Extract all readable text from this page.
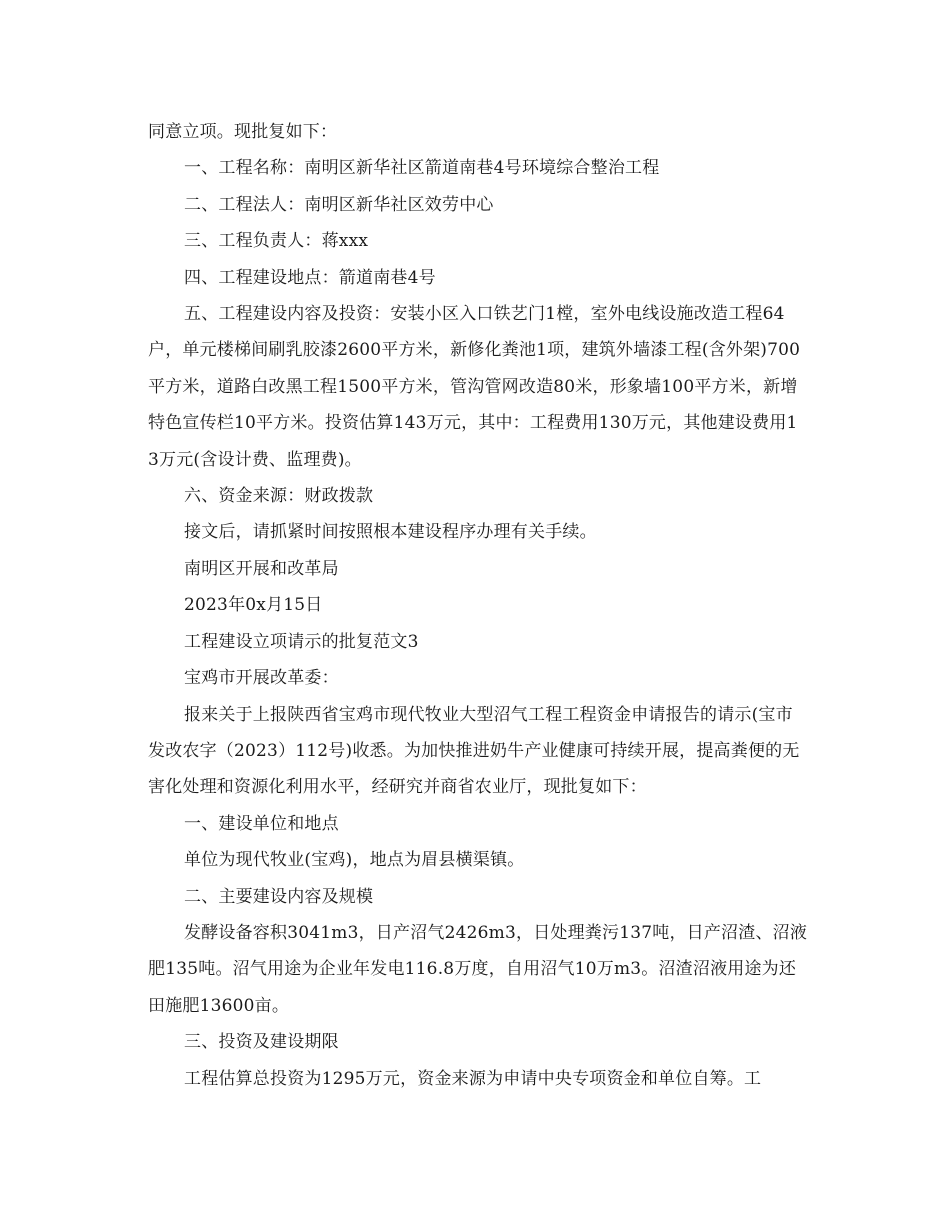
同意立项。现批复如下：

一、工程名称：南明区新华社区箭道南巷4号环境综合整治工程

二、工程法人：南明区新华社区效劳中心

三、工程负责人：蒋xxx

四、工程建设地点：箭道南巷4号

五、工程建设内容及投资：安装小区入口铁艺门1樘，室外电线设施改造工程64户，单元楼梯间刷乳胶漆2600平方米，新修化粪池1项，建筑外墙漆工程(含外架)700平方米，道路白改黑工程1500平方米，管沟管网改造80米，形象墙100平方米，新增特色宣传栏10平方米。投资估算143万元，其中：工程费用130万元，其他建设费用13万元(含设计费、监理费)。

六、资金来源：财政拨款

接文后，请抓紧时间按照根本建设程序办理有关手续。

南明区开展和改革局

2023年0x月15日

工程建设立项请示的批复范文3

宝鸡市开展改革委：

报来关于上报陕西省宝鸡市现代牧业大型沼气工程工程资金申请报告的请示(宝市发改农字（2023）112号)收悉。为加快推进奶牛产业健康可持续开展，提高粪便的无害化处理和资源化利用水平，经研究并商省农业厅，现批复如下：

一、建设单位和地点

单位为现代牧业(宝鸡)，地点为眉县横渠镇。

二、主要建设内容及规模

发酵设备容积3041m3，日产沼气2426m3，日处理粪污137吨，日产沼渣、沼液肥135吨。沼气用途为企业年发电116.8万度，自用沼气10万m3。沼渣沼液用途为还田施肥13600亩。

三、投资及建设期限

工程估算总投资为1295万元，资金来源为申请中央专项资金和单位自筹。工
